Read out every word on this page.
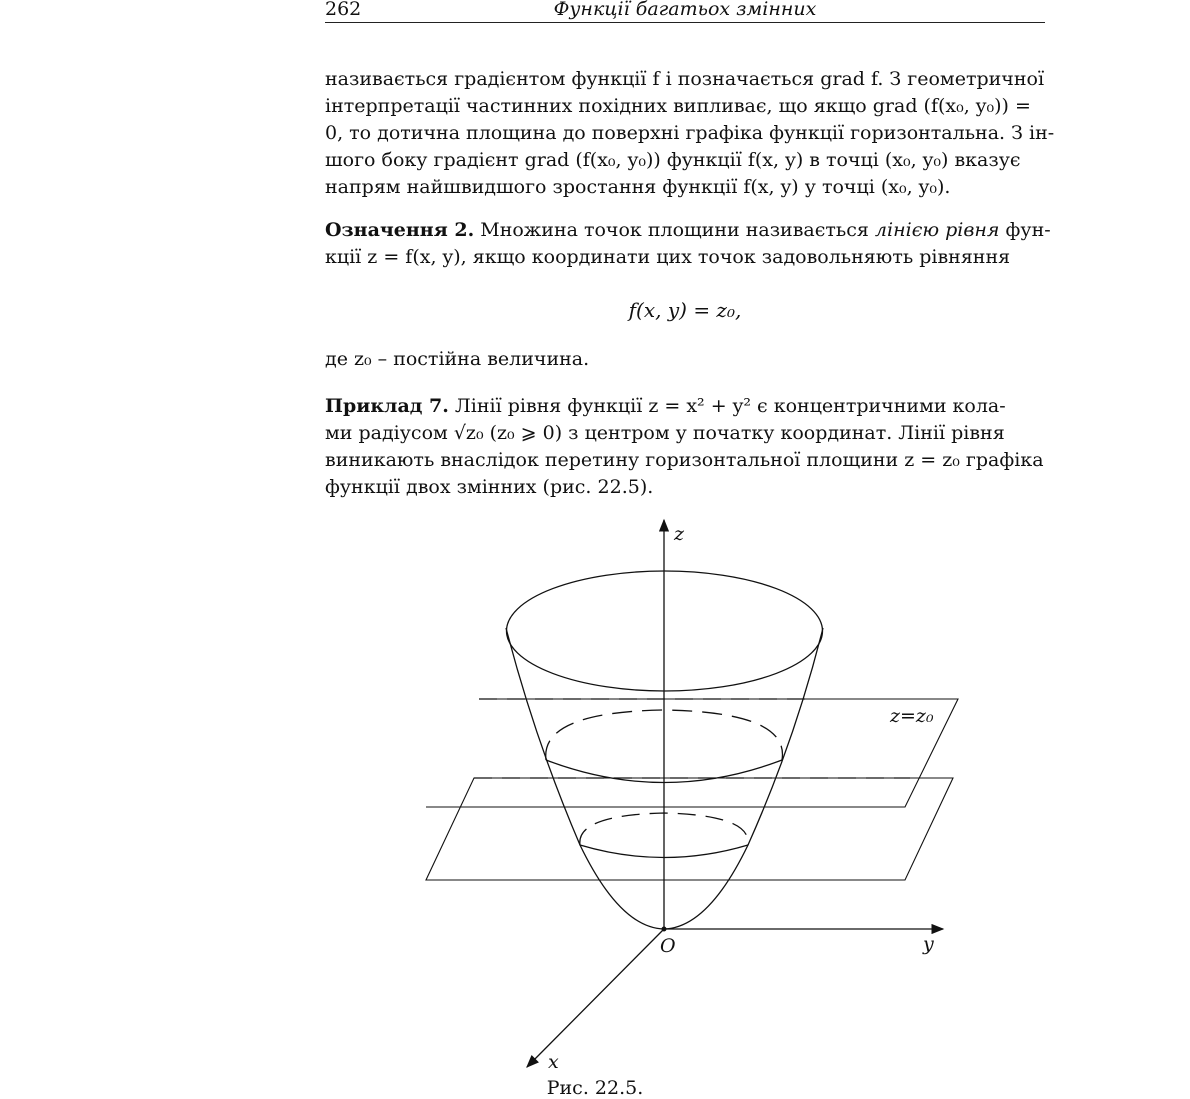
262	Функції багатьох змінних
називається градієнтом функції f і позначається grad f. З геометричної
інтерпретації частинних похідних випливає, що якщо grad (f(x₀, y₀)) =
0, то дотична площина до поверхні графіка функції горизонтальна. З ін-
шого боку градієнт grad (f(x₀, y₀)) функції f(x, y) в точці (x₀, y₀) вказує
напрям найшвидшого зростання функції f(x, y) у точці (x₀, y₀).
Означення 2. Множина точок площини називається лінією рівня фун-
кції z = f(x, y), якщо координати цих точок задовольняють рівняння
f(x, y) = z₀,
де z₀ – постійна величина.
Приклад 7. Лінії рівня функції z = x² + y² є концентричними кола-
ми радіусом √z₀ (z₀ ⩾ 0) з центром у початку координат. Лінії рівня
виникають внаслідок перетину горизонтальної площини z = z₀ графіка
функції двох змінних (рис. 22.5).
z
y
x
O
z=z₀
Рис. 22.5.
